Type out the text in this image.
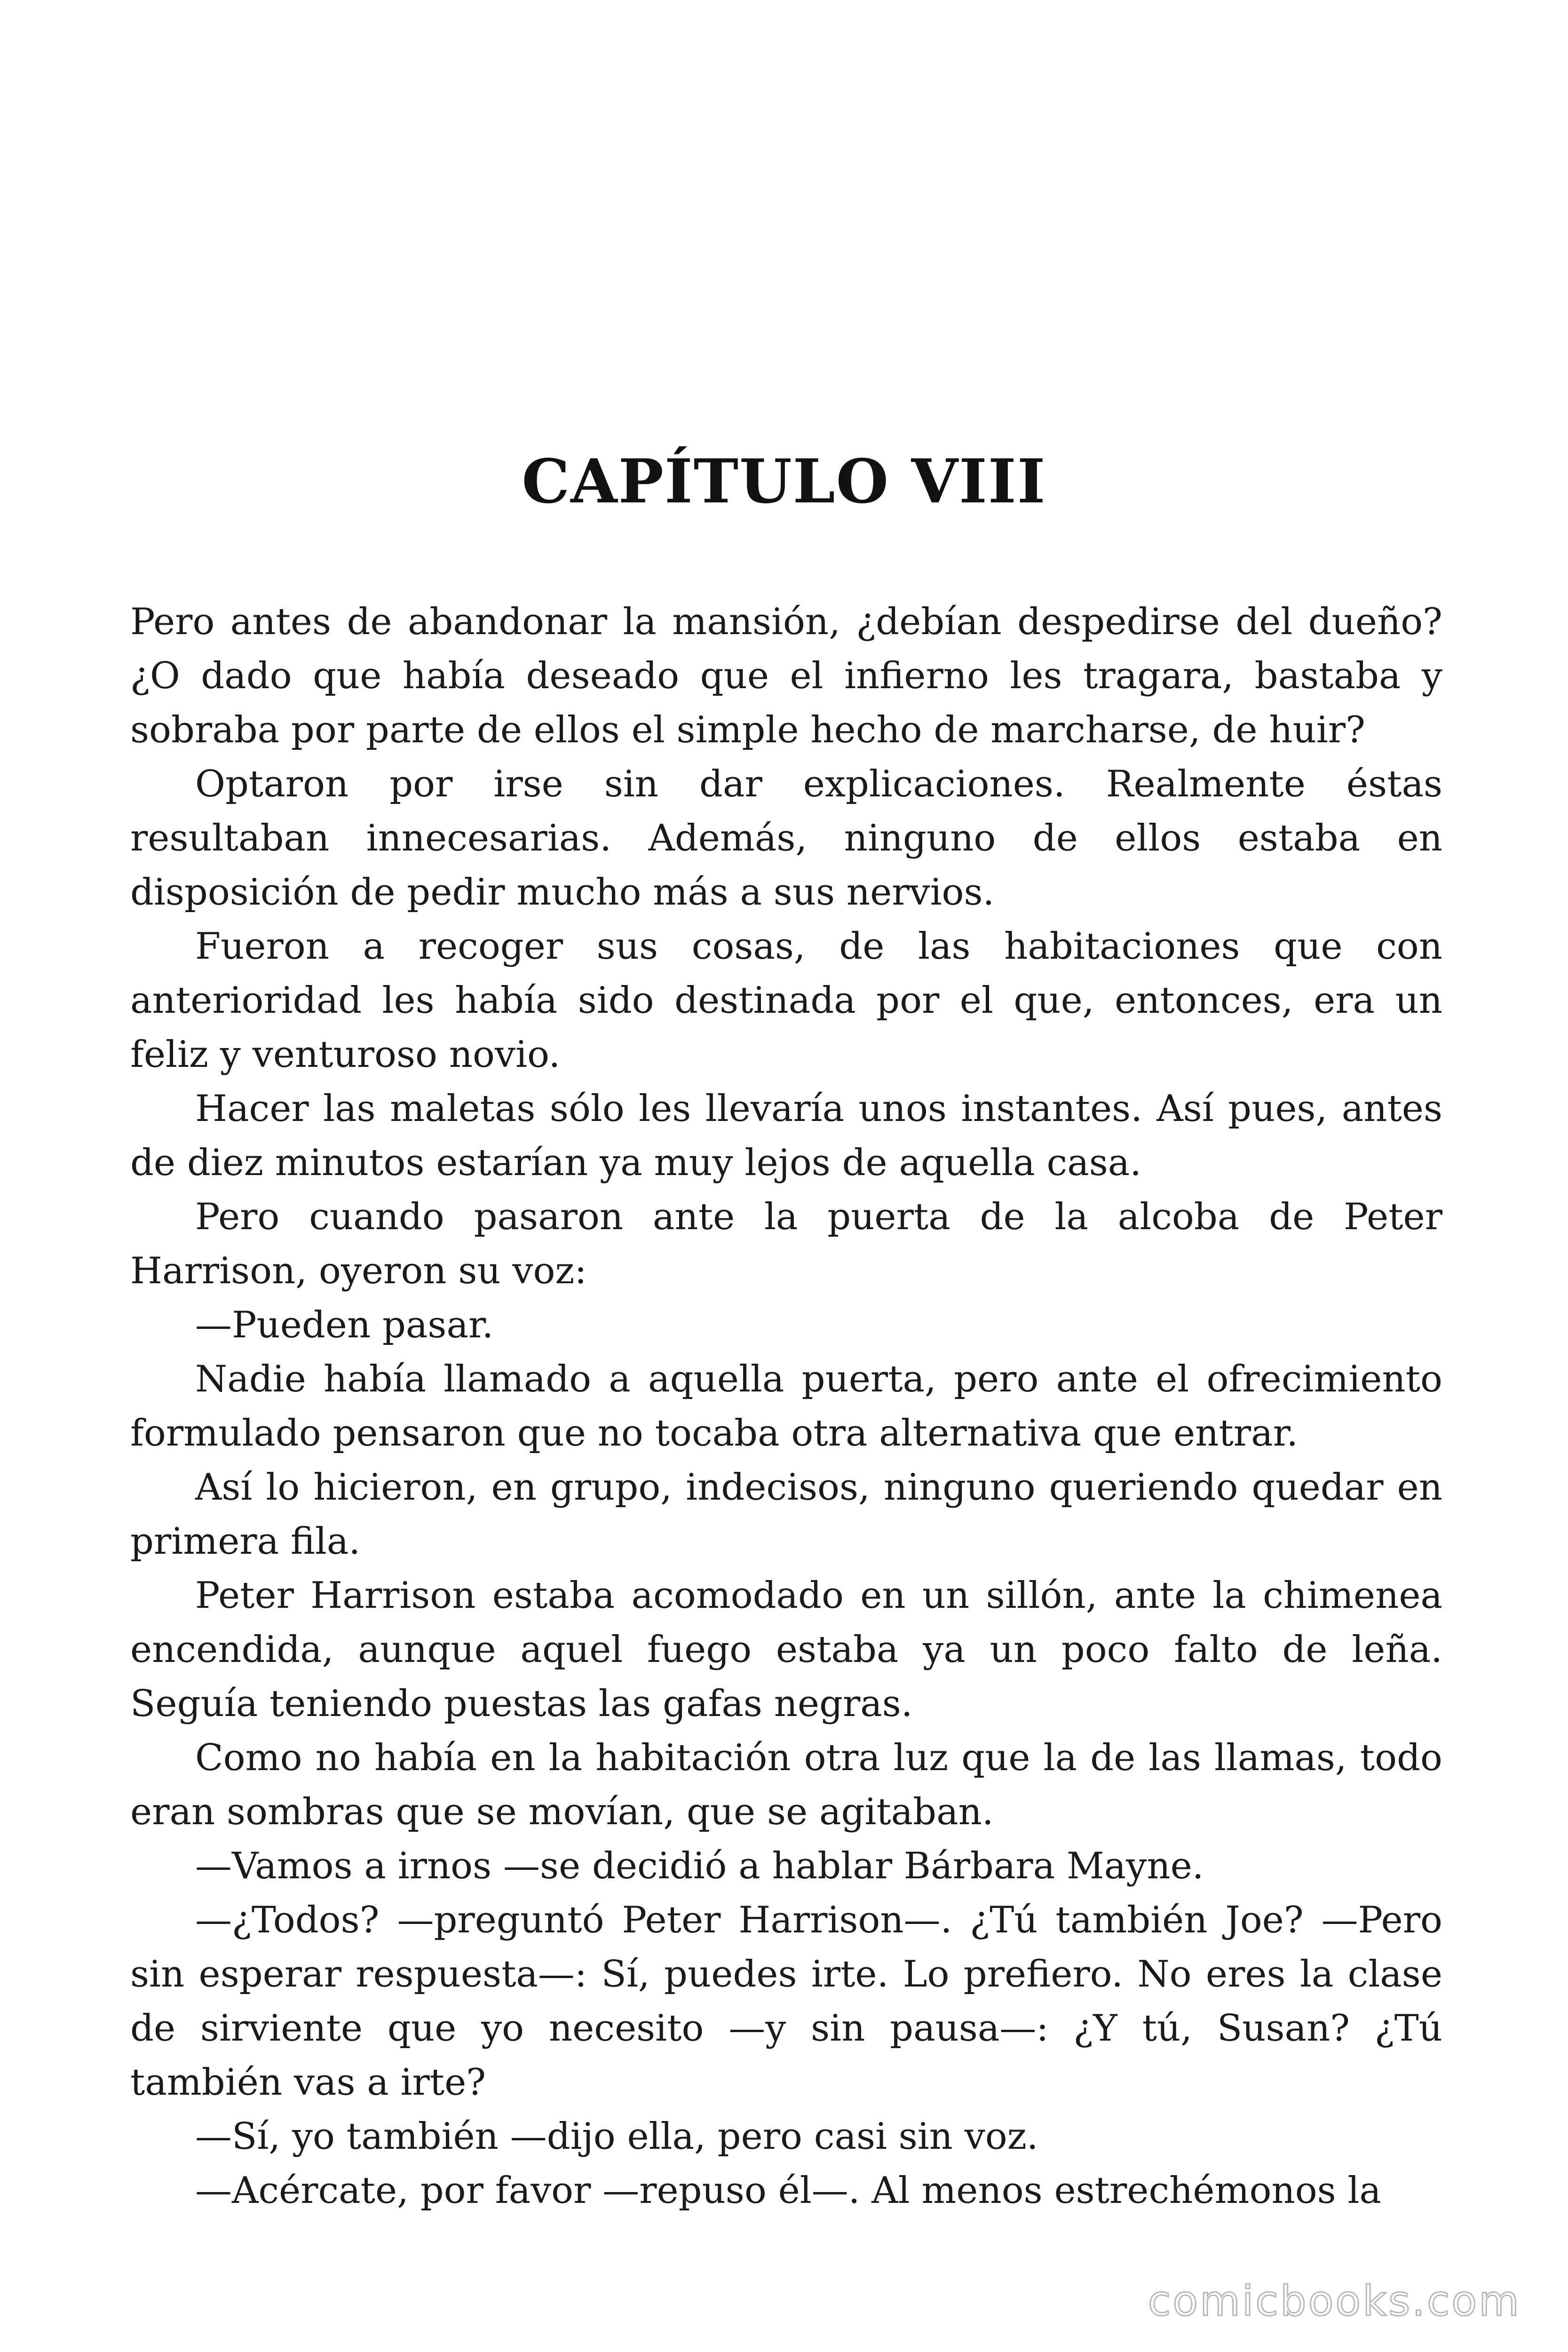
CAPÍTULO VIII

Pero antes de abandonar la mansión, ¿debían despedirse del dueño? ¿O dado que había deseado que el infierno les tragara, bastaba y sobraba por parte de ellos el simple hecho de marcharse, de huir?

Optaron por irse sin dar explicaciones. Realmente éstas resultaban innecesarias. Además, ninguno de ellos estaba en disposición de pedir mucho más a sus nervios.

Fueron a recoger sus cosas, de las habitaciones que con anterioridad les había sido destinada por el que, entonces, era un feliz y venturoso novio.

Hacer las maletas sólo les llevaría unos instantes. Así pues, antes de diez minutos estarían ya muy lejos de aquella casa.

Pero cuando pasaron ante la puerta de la alcoba de Peter Harrison, oyeron su voz:

—Pueden pasar.

Nadie había llamado a aquella puerta, pero ante el ofrecimiento formulado pensaron que no tocaba otra alternativa que entrar.

Así lo hicieron, en grupo, indecisos, ninguno queriendo quedar en primera fila.

Peter Harrison estaba acomodado en un sillón, ante la chimenea encendida, aunque aquel fuego estaba ya un poco falto de leña. Seguía teniendo puestas las gafas negras.

Como no había en la habitación otra luz que la de las llamas, todo eran sombras que se movían, que se agitaban.

—Vamos a irnos —se decidió a hablar Bárbara Mayne.

—¿Todos? —preguntó Peter Harrison—. ¿Tú también Joe? —Pero sin esperar respuesta—: Sí, puedes irte. Lo prefiero. No eres la clase de sirviente que yo necesito —y sin pausa—: ¿Y tú, Susan? ¿Tú también vas a irte?

—Sí, yo también —dijo ella, pero casi sin voz.

—Acércate, por favor —repuso él—. Al menos estrechémonos la

comicbooks.com
